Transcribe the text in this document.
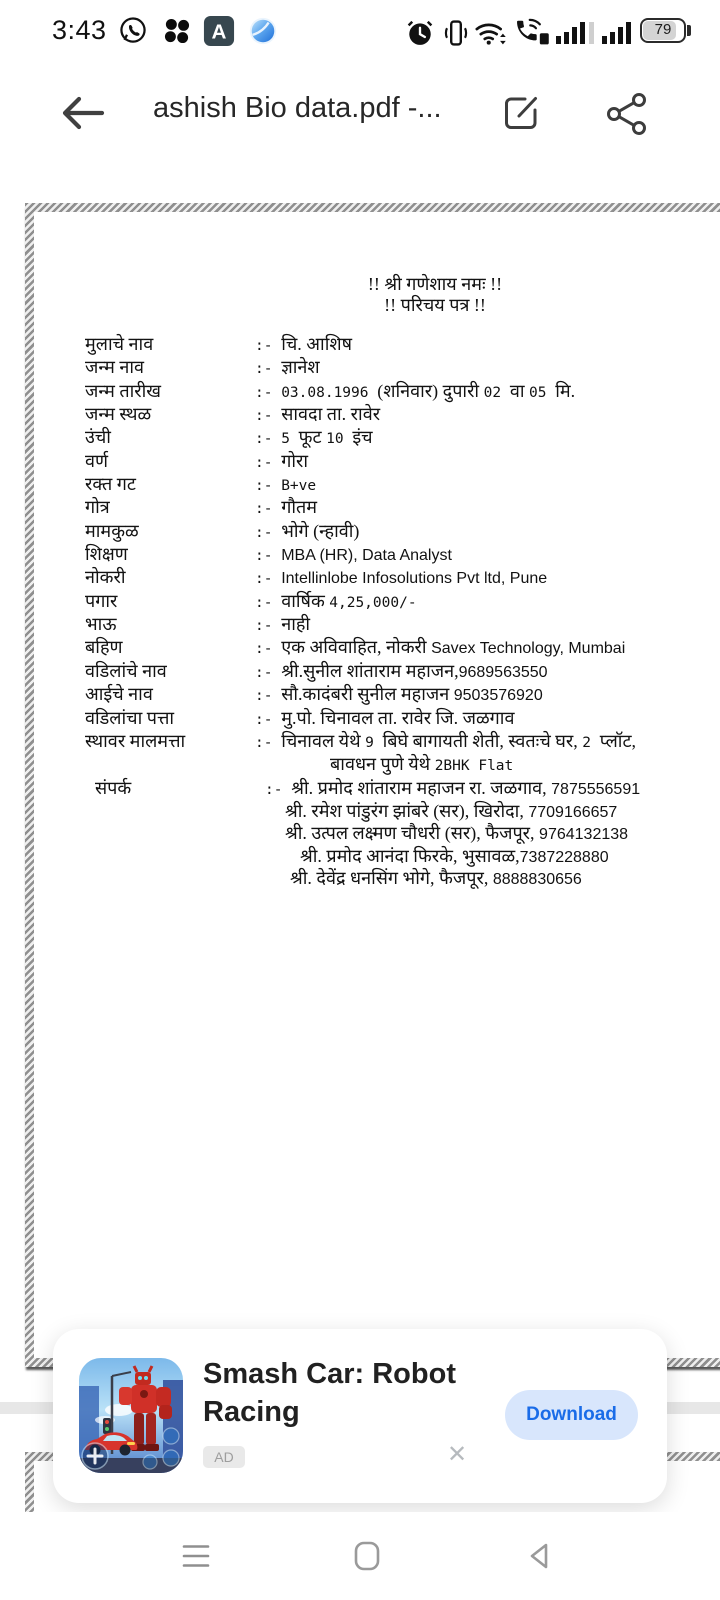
3:43	A	79
ashish Bio data.pdf -...
!! श्री गणेशाय नमः !!
!! परिचय पत्र !!
मुलाचे नाव	:- चि. आशिष
जन्म नाव	:- ज्ञानेश
जन्म तारीख	:- 03.08.1996 (शनिवार) दुपारी 02 वा 05 मि.
जन्म स्थळ	:- सावदा ता. रावेर
उंची	:- 5 फूट 10 इंच
वर्ण	:- गोरा
रक्त गट	:- B+ve
गोत्र	:- गौतम
मामकुळ	:- भोगे (न्हावी)
शिक्षण	:- MBA (HR), Data Analyst
नोकरी	:- Intellinlobe Infosolutions Pvt ltd, Pune
पगार	:- वार्षिक 4,25,000/-
भाऊ	:- नाही
बहिण	:- एक अविवाहित, नोकरी Savex Technology, Mumbai
वडिलांचे नाव	:- श्री.सुनील शांताराम महाजन,9689563550
आईचे नाव	:- सौ.कादंबरी सुनील महाजन 9503576920
वडिलांचा पत्ता	:- मु.पो. चिनावल ता. रावेर जि. जळगाव
स्थावर मालमत्ता	:- चिनावल येथे 9 बिघे बागायती शेती, स्वतःचे घर, 2 प्लॉट,
बावधन पुणे येथे 2BHK Flat
संपर्क	:- श्री. प्रमोद शांताराम महाजन रा. जळगाव, 7875556591
श्री. रमेश पांडुरंग झांबरे (सर), खिरोदा, 7709166657
श्री. उत्पल लक्ष्मण चौधरी (सर), फैजपूर, 9764132138
श्री. प्रमोद आनंदा फिरके, भुसावळ,7387228880
श्री. देवेंद्र धनसिंग भोगे, फैजपूर, 8888830656
Smash Car: Robot
Racing
AD	✕
Download
